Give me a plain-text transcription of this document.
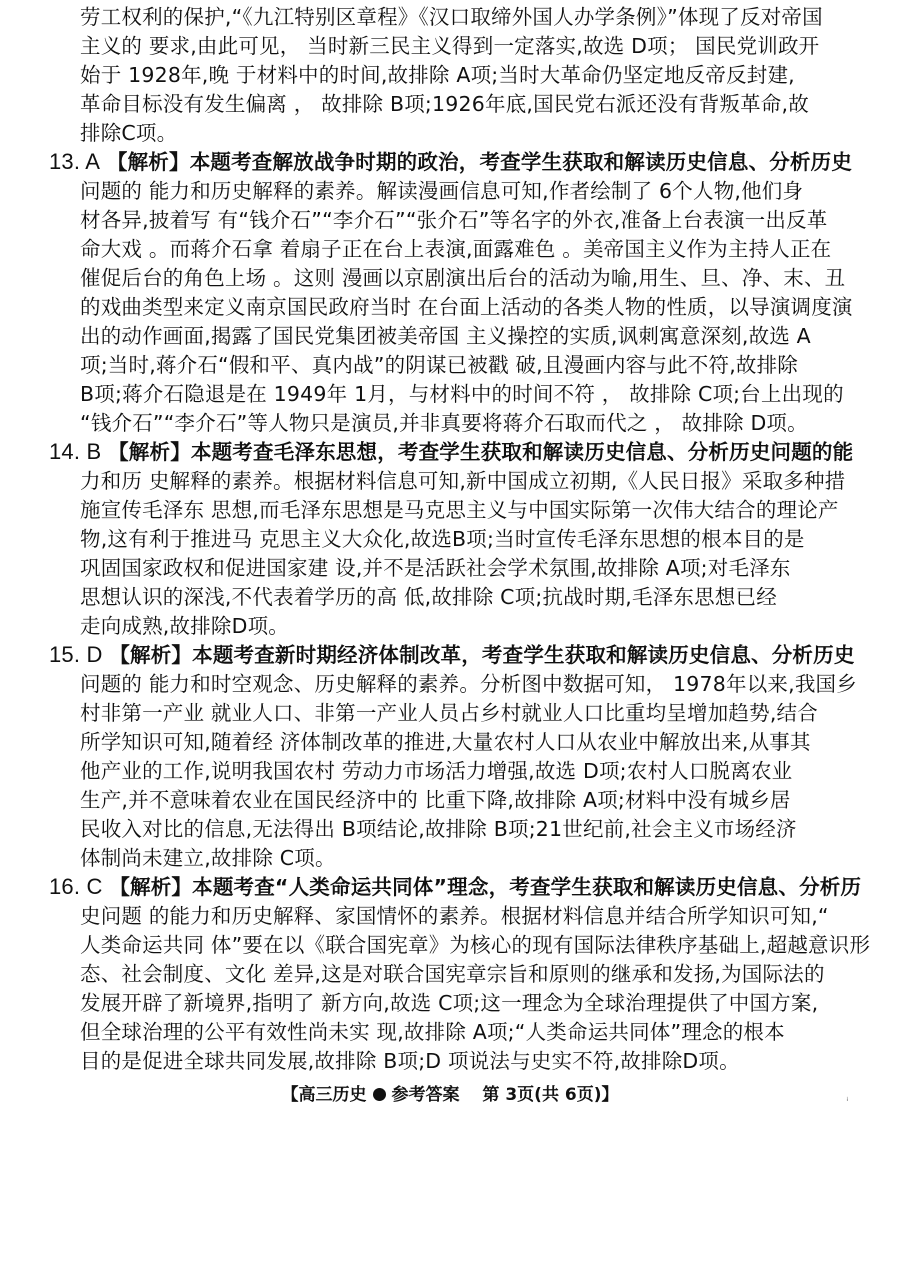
劳工权利的保护,“《九江特别区章程》《汉口取缔外国人办学条例》”体现了反对帝国
主义的 要求,由此可见， 当时新三民主义得到一定落实,故选 D项； 国民党训政开
始于 1928年,晚 于材料中的时间,故排除 A项;当时大革命仍坚定地反帝反封建,
革命目标没有发生偏离 ， 故排除 B项;1926年底,国民党右派还没有背叛革命,故
排除C项。
13. A 【解析】本题考查解放战争时期的政治，考查学生获取和解读历史信息、分析历史
问题的 能力和历史解释的素养。解读漫画信息可知,作者绘制了 6个人物,他们身
材各异,披着写 有“钱介石”“李介石”“张介石”等名字的外衣,准备上台表演一出反革
命大戏 。而蒋介石拿 着扇子正在台上表演,面露难色 。美帝国主义作为主持人正在
催促后台的角色上场 。这则 漫画以京剧演出后台的活动为喻,用生、旦、净、末、丑
的戏曲类型来定义南京国民政府当时 在台面上活动的各类人物的性质，以导演调度演
出的动作画面,揭露了国民党集团被美帝国 主义操控的实质,讽刺寓意深刻,故选 A
项;当时,蒋介石“假和平、真内战”的阴谋已被戳 破,且漫画内容与此不符,故排除
B项;蒋介石隐退是在 1949年 1月，与材料中的时间不符 ， 故排除 C项;台上出现的
“钱介石”“李介石”等人物只是演员,并非真要将蒋介石取而代之 ， 故排除 D项。
14. B 【解析】本题考查毛泽东思想，考查学生获取和解读历史信息、分析历史问题的能
力和历 史解释的素养。根据材料信息可知,新中国成立初期,《人民日报》采取多种措
施宣传毛泽东 思想,而毛泽东思想是马克思主义与中国实际第一次伟大结合的理论产
物,这有利于推进马 克思主义大众化,故选B项;当时宣传毛泽东思想的根本目的是
巩固国家政权和促进国家建 设,并不是活跃社会学术氛围,故排除 A项;对毛泽东
思想认识的深浅,不代表着学历的高 低,故排除 C项;抗战时期,毛泽东思想已经
走向成熟,故排除D项。
15. D 【解析】本题考查新时期经济体制改革，考查学生获取和解读历史信息、分析历史
问题的 能力和时空观念、历史解释的素养。分析图中数据可知， 1978年以来,我国乡
村非第一产业 就业人口、非第一产业人员占乡村就业人口比重均呈增加趋势,结合
所学知识可知,随着经 济体制改革的推进,大量农村人口从农业中解放出来,从事其
他产业的工作,说明我国农村 劳动力市场活力增强,故选 D项;农村人口脱离农业
生产,并不意味着农业在国民经济中的 比重下降,故排除 A项;材料中没有城乡居
民收入对比的信息,无法得出 B项结论,故排除 B项;21世纪前,社会主义市场经济
体制尚未建立,故排除 C项。
16. C 【解析】本题考查“人类命运共同体”理念，考查学生获取和解读历史信息、分析历
史问题 的能力和历史解释、家国情怀的素养。根据材料信息并结合所学知识可知,“
【高三历史 参考答案　 第 3页(共 6页)】	⁠ꜟ
人类命运共同 体”要在以《联合国宪章》为核心的现有国际法律秩序基础上,超越意识形
态、社会制度、文化 差异,这是对联合国宪章宗旨和原则的继承和发扬,为国际法的
发展开辟了新境界,指明了 新方向,故选 C项;这一理念为全球治理提供了中国方案,
但全球治理的公平有效性尚未实 现,故排除 A项;“人类命运共同体”理念的根本
目的是促进全球共同发展,故排除 B项;D 项说法与史实不符,故排除D项。
